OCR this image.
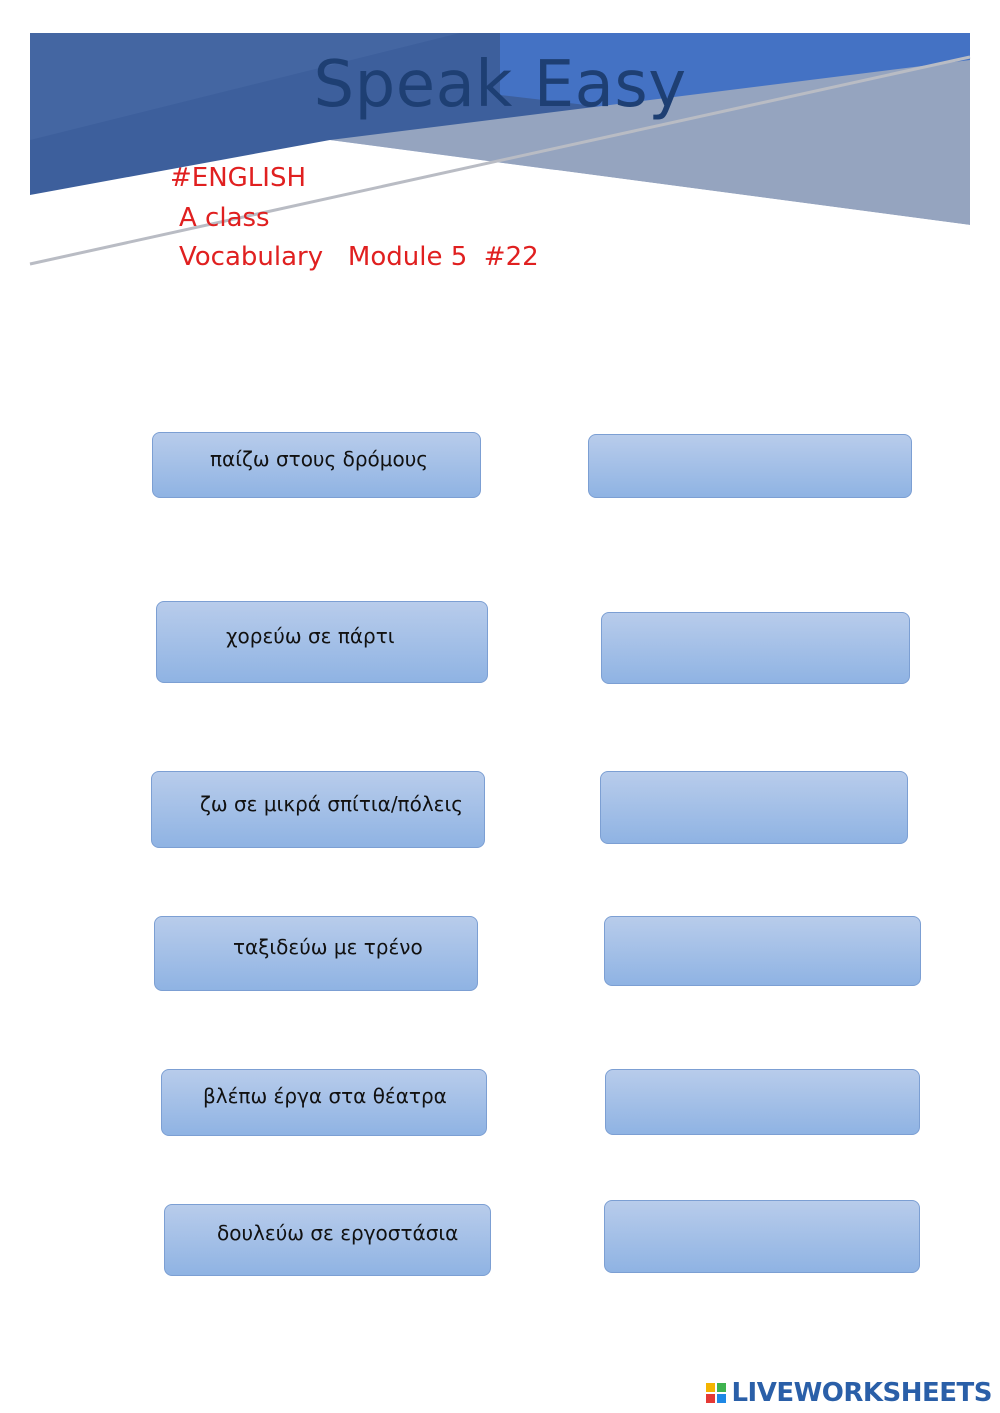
Speak Easy
#ENGLISH
A class
Vocabulary   Module 5  #22
παίζω στους δρόμους
χορεύω σε πάρτι
ζω σε μικρά σπίτια/πόλεις
ταξιδεύω με τρένο
βλέπω έργα στα θέατρα
δουλεύω σε εργοστάσια
LIVEWORKSHEETS
